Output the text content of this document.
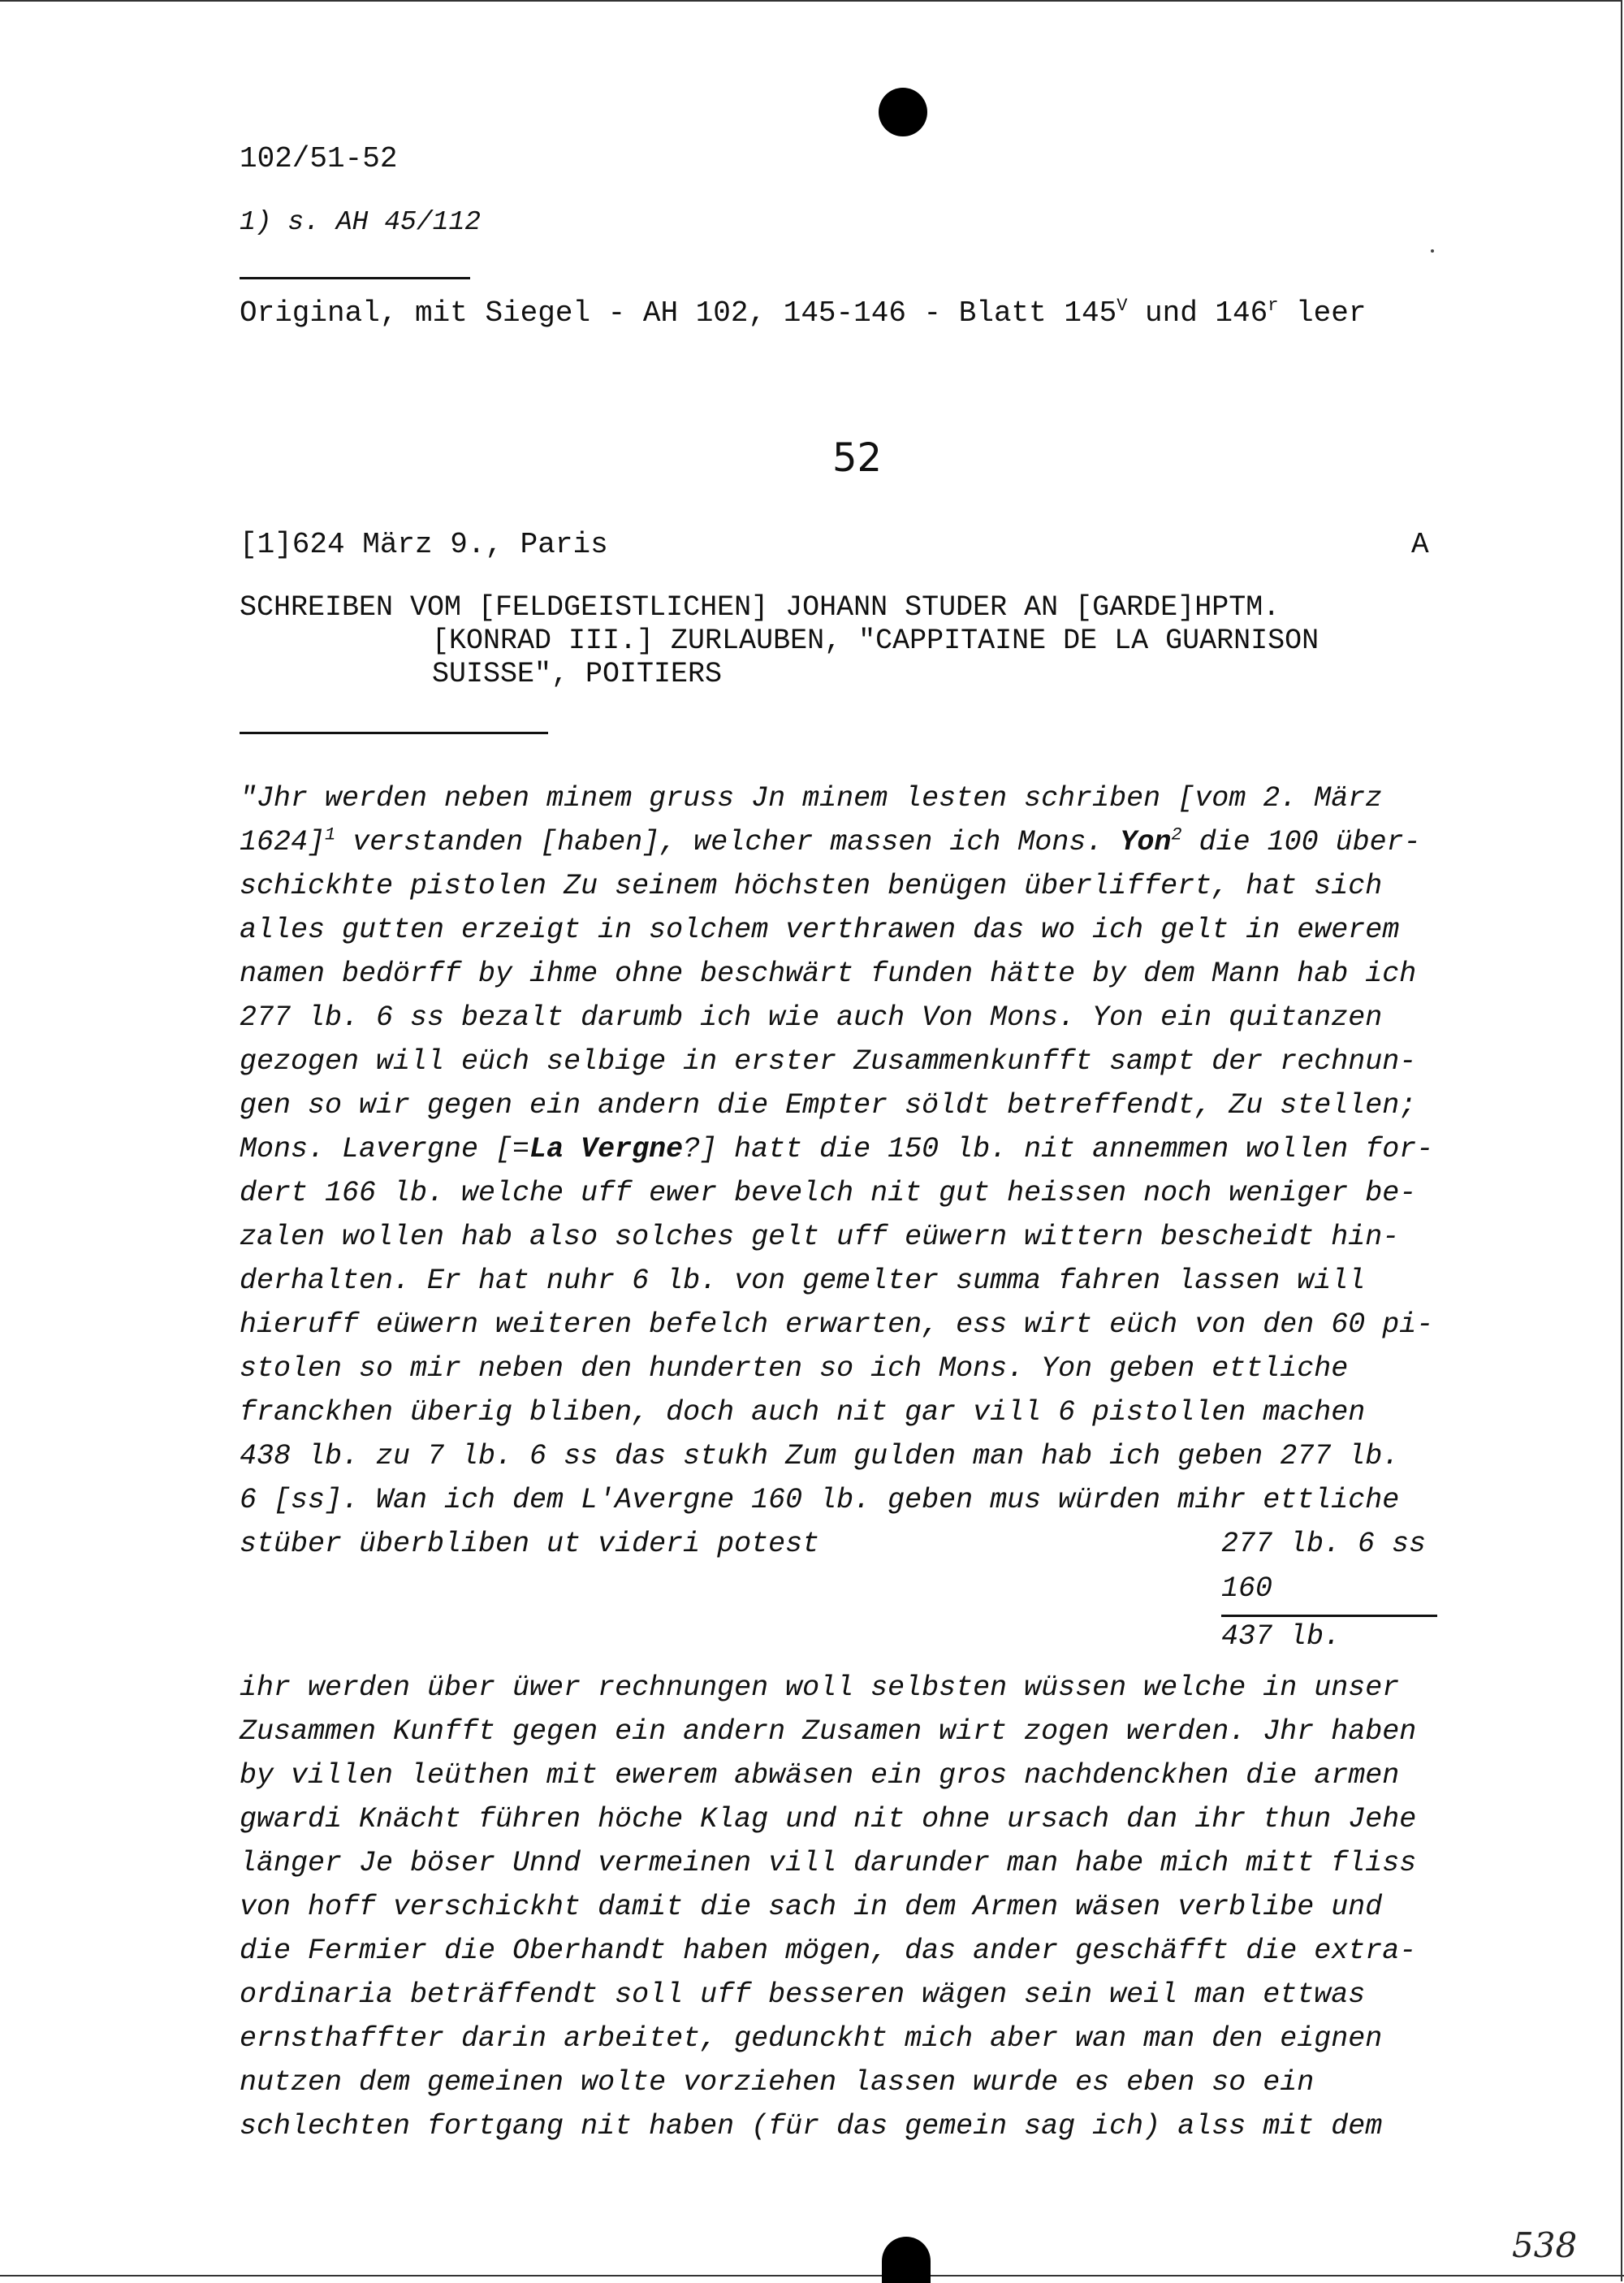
102/51-52
1) s. AH 45/112
Original, mit Siegel - AH 102, 145-146 - Blatt $145^V$ und 146$^r$ leer
52
[1]624 März 9., Paris	A
SCHREIBEN VOM [FELDGEISTLICHEN] JOHANN STUDER AN [GARDE]HPTM.
[KONRAD III.] ZURLAUBEN, "CAPPITAINE DE LA GUARNISON
SUISSE", POITIERS
"Jhr werden neben minem gruss Jn minem lesten schriben [vom 2. März
1624]$^1$ verstanden [haben], welcher massen ich Mons. Yon$^2$ die 100 über-
schickhte pistolen Zu seinem höchsten benügen überliffert, hat sich
alles gutten erzeigt in solchem verthrawen das wo ich gelt in ewerem
namen bedörff by ihme ohne beschwärt funden hätte by dem Mann hab ich
277 lb. 6 ss bezalt darumb ich wie auch Von Mons. Yon ein quitanzen
gezogen will eüch selbige in erster Zusammenkunfft sampt der rechnun-
gen so wir gegen ein andern die Empter söldt betreffendt, Zu stellen;
Mons. Lavergne [=La Vergne?] hatt die 150 lb. nit annemmen wollen for-
dert 166 lb. welche uff ewer bevelch nit gut heissen noch weniger be-
zalen wollen hab also solches gelt uff eüwern wittern bescheidt hin-
derhalten. Er hat nuhr 6 lb. von gemelter summa fahren lassen will
hieruff eüwern weiteren befelch erwarten, ess wirt eüch von den 60 pi-
stolen so mir neben den hunderten so ich Mons. Yon geben ettliche
franckhen überig bliben, doch auch nit gar vill 6 pistollen machen
438 lb. zu 7 lb. 6 ss das stukh Zum gulden man hab ich geben 277 lb.
6 [ss]. Wan ich dem L'Avergne 160 lb. geben mus würden mihr ettliche
stüber überbliben ut videri potest	277 lb. 6 ss
160
437 lb.
ihr werden über üwer rechnungen woll selbsten wüssen welche in unser
Zusammen Kunfft gegen ein andern Zusamen wirt zogen werden. Jhr haben
by villen leüthen mit ewerem abwäsen ein gros nachdenckhen die armen
gwardi Knächt führen höche Klag und nit ohne ursach dan ihr thun Jehe
länger Je böser Unnd vermeinen vill darunder man habe mich mitt fliss
von hoff verschickht damit die sach in dem Armen wäsen verblibe und
die Fermier die Oberhandt haben mögen, das ander geschäfft die extra-
ordinaria beträffendt soll uff besseren wägen sein weil man ettwas
ernsthaffter darin arbeitet, gedunckht mich aber wan man den eignen
nutzen dem gemeinen wolte vorziehen lassen wurde es eben so ein
schlechten fortgang nit haben (für das gemein sag ich) alss mit dem
538
